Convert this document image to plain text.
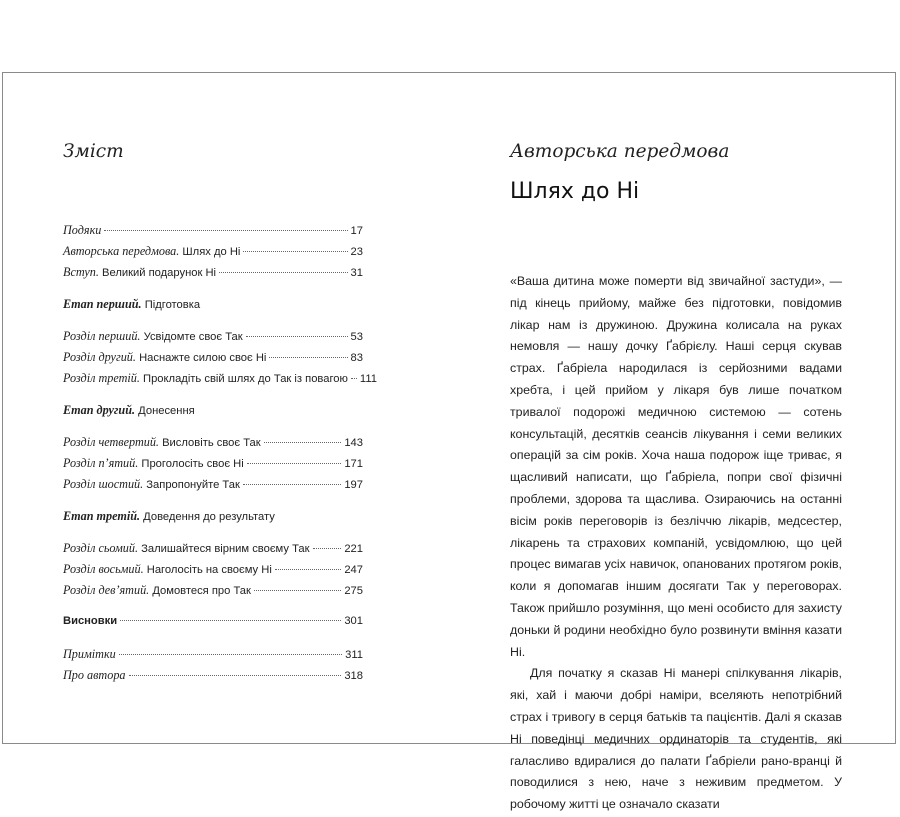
Зміст
Подяки	17
Авторська передмова. Шлях до Ні	23
Вступ. Великий подарунок Ні	31
Етап перший. Підготовка
Розділ перший. Усвідомте своє Так	53
Розділ другий. Наснажте силою своє Ні	83
Розділ третій. Прокладіть свій шлях до Так із повагою 111
Етап другий. Донесення
Розділ четвертий. Висловіть своє Так	143
Розділ п’ятий. Проголосіть своє Ні	171
Розділ шостий. Запропонуйте Так	197
Етап третій. Доведення до результату
Розділ сьомий. Залишайтеся вірним своєму Так	221
Розділ восьмий. Наголосіть на своєму Ні	247
Розділ дев’ятий. Домовтеся про Так	275
Висновки	301
Примітки	311
Про автора	318
Авторська передмова
Шлях до Ні

«Ваша дитина може померти від звичайної застуди», — під кінець прийому, майже без підготовки, повідомив лікар нам із дружиною. Дружина колисала на руках немовля — нашу дочку Ґабрієлу. Наші серця скував страх. Ґабріела народилася із серйозними вадами хребта, і цей прийом у лікаря був лише початком тривалої подорожі медичною системою — сотень консультацій, десятків сеансів лікування і семи великих операцій за сім років. Хоча наша подорож іще триває, я щасливий написати, що Ґабріела, попри свої фізичні проблеми, здорова та щаслива. Озираючись на останні вісім років переговорів із безліччю лікарів, медсестер, лікарень та страхових компаній, усвідомлюю, що цей процес вимагав усіх навичок, опанованих протягом років, коли я допомагав іншим досягати Так у переговорах. Також прийшло розуміння, що мені особисто для захисту доньки й родини необхідно було розвинути вміння казати Ні.

Для початку я сказав Ні манері спілкування лікарів, які, хай і маючи добрі наміри, вселяють непотрібний страх і тривогу в серця батьків та пацієнтів. Далі я сказав Ні поведінці медичних ординаторів та студентів, які галасливо вдиралися до палати Ґабріели рано-вранці й поводилися з нею, наче з неживим предметом. У робочому житті це означало сказати
